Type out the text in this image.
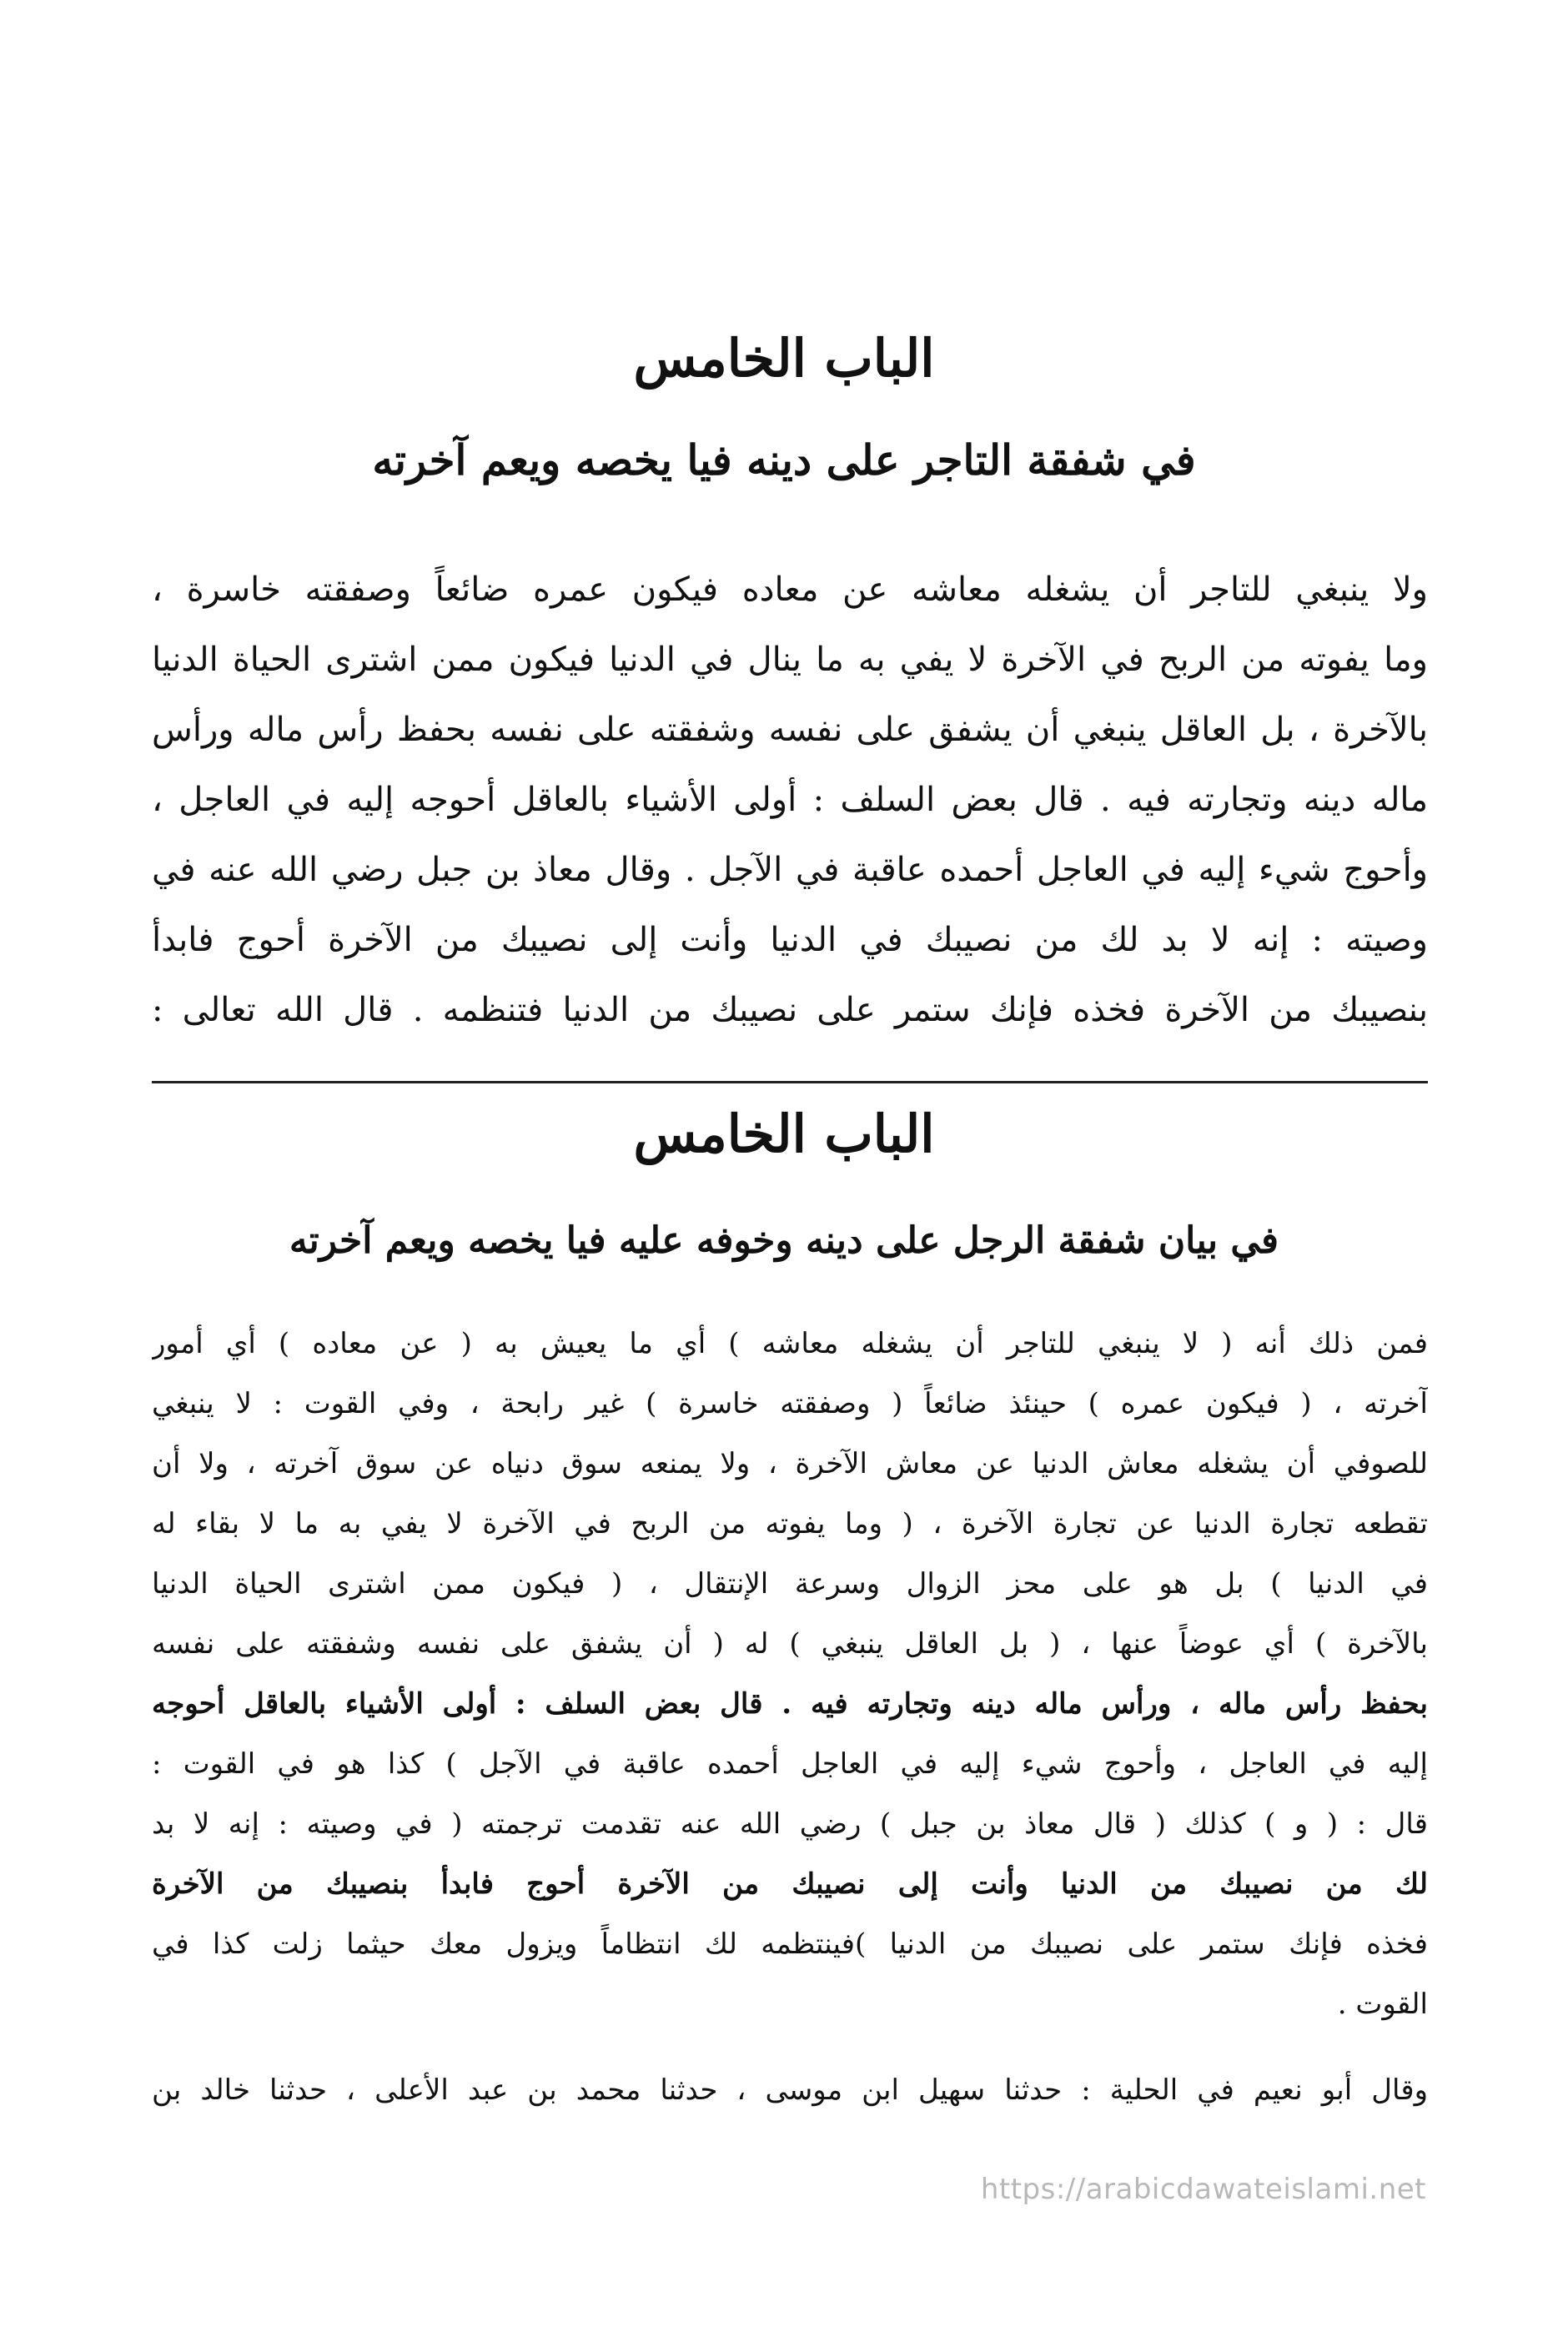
الباب الخامس
في شفقة التاجر على دينه فيا يخصه ويعم آخرته
ولا ينبغي للتاجر أن يشغله معاشه عن معاده فيكون عمره ضائعاً وصفقته خاسرة ،
وما يفوته من الربح في الآخرة لا يفي به ما ينال في الدنيا فيكون ممن اشترى الحياة الدنيا
بالآخرة ، بل العاقل ينبغي أن يشفق على نفسه وشفقته على نفسه بحفظ رأس ماله ورأس
ماله دينه وتجارته فيه . قال بعض السلف : أولى الأشياء بالعاقل أحوجه إليه في العاجل ،
وأحوج شيء إليه في العاجل أحمده عاقبة في الآجل . وقال معاذ بن جبل رضي الله عنه في
وصيته : إنه لا بد لك من نصيبك في الدنيا وأنت إلى نصيبك من الآخرة أحوج فابدأ
بنصيبك من الآخرة فخذه فإنك ستمر على نصيبك من الدنيا فتنظمه . قال الله تعالى :
الباب الخامس
في بيان شفقة الرجل على دينه وخوفه عليه فيا يخصه ويعم آخرته
فمن ذلك أنه ( لا ينبغي للتاجر أن يشغله معاشه ) أي ما يعيش به ( عن معاده ) أي أمور
آخرته ، ( فيكون عمره ) حينئذ ضائعاً ( وصفقته خاسرة ) غير رابحة ، وفي القوت : لا ينبغي
للصوفي أن يشغله معاش الدنيا عن معاش الآخرة ، ولا يمنعه سوق دنياه عن سوق آخرته ، ولا أن
تقطعه تجارة الدنيا عن تجارة الآخرة ، ( وما يفوته من الربح في الآخرة لا يفي به ما لا بقاء له
في الدنيا ) بل هو على محز الزوال وسرعة الإنتقال ، ( فيكون ممن اشترى الحياة الدنيا
بالآخرة ) أي عوضاً عنها ، ( بل العاقل ينبغي ) له ( أن يشفق على نفسه وشفقته على نفسه
بحفظ رأس ماله ، ورأس ماله دينه وتجارته فيه . قال بعض السلف : أولى الأشياء بالعاقل أحوجه
إليه في العاجل ، وأحوج شيء إليه في العاجل أحمده عاقبة في الآجل ) كذا هو في القوت :
قال : ( و ) كذلك ( قال معاذ بن جبل ) رضي الله عنه تقدمت ترجمته ( في وصيته : إنه لا بد
لك من نصيبك من الدنيا وأنت إلى نصيبك من الآخرة أحوج فابدأ بنصيبك من الآخرة
فخذه فإنك ستمر على نصيبك من الدنيا )فينتظمه لك انتظاماً ويزول معك حيثما زلت كذا في
القوت .
وقال أبو نعيم في الحلية : حدثنا سهيل ابن موسى ، حدثنا محمد بن عبد الأعلى ، حدثنا خالد بن
https://arabicdawateislami.net
